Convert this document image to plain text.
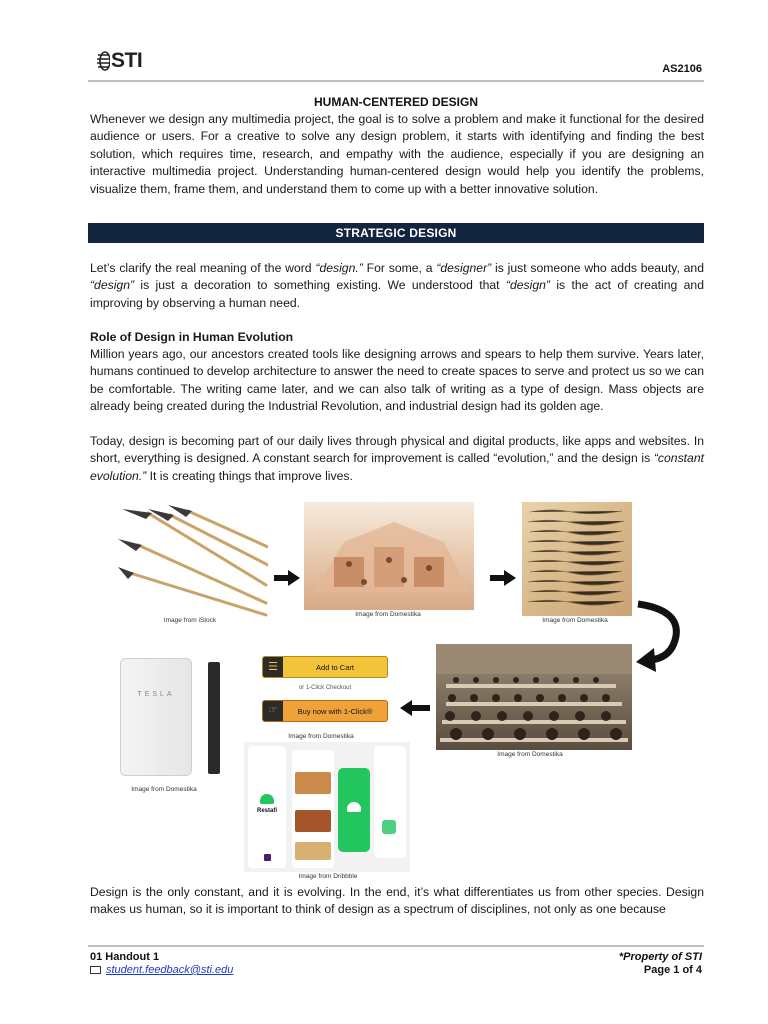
STI	AS2106
HUMAN-CENTERED DESIGN

Whenever we design any multimedia project, the goal is to solve a problem and make it functional for the desired audience or users. For a creative to solve any design problem, it starts with identifying and finding the best solution, which requires time, research, and empathy with the audience, especially if you are designing an interactive multimedia project. Understanding human-centered design would help you identify the problems, visualize them, frame them, and understand them to come up with a better innovative solution.

STRATEGIC DESIGN

Let’s clarify the real meaning of the word “design.” For some, a “designer” is just someone who adds beauty, and “design” is just a decoration to something existing. We understood that “design” is the act of creating and improving by observing a human need.

Role of Design in Human Evolution

Million years ago, our ancestors created tools like designing arrows and spears to help them survive. Years later, humans continued to develop architecture to answer the need to create spaces to serve and protect us so we can be comfortable. The writing came later, and we can also talk of writing as a type of design. Mass objects are already being created during the Industrial Revolution, and industrial design had its golden age.

Today, design is becoming part of our daily lives through physical and digital products, like apps and websites. In short, everything is designed. A constant search for improvement is called “evolution,” and the design is “constant evolution.” It is creating things that improve lives.

Image from iStock
Image from Domestika
Image from Domestika
Image from Domestika
☰	Add to Cart
or 1-Click Checkout
☞	Buy now with 1-Click®
Image from Domestika
TESLA
Image from Domestika
Restafi
Image from Dribbble

Design is the only constant, and it is evolving. In the end, it’s what differentiates us from other species. Design makes us human, so it is important to think of design as a spectrum of disciplines, not only as one because

01 Handout 1
student.feedback@sti.edu
*Property of STI
Page 1 of 4
